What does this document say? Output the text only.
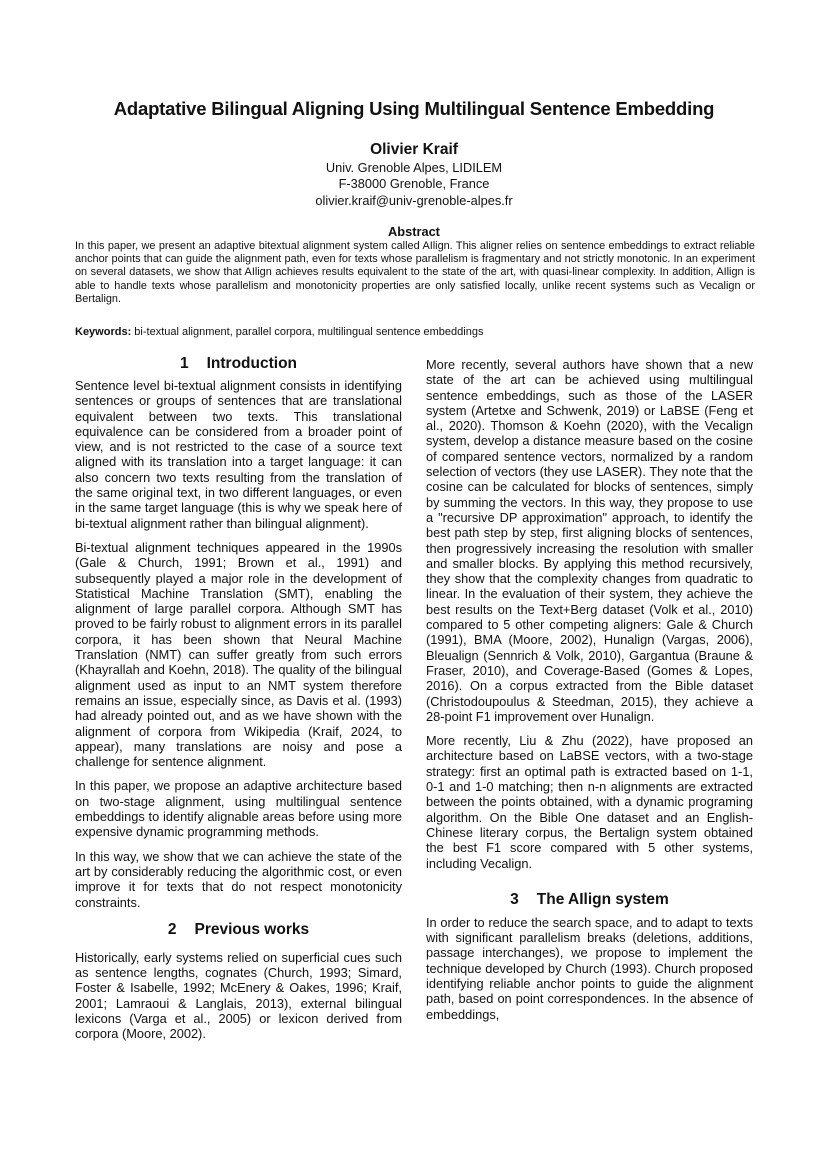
Adaptative Bilingual Aligning Using Multilingual Sentence Embedding
Olivier Kraif
Univ. Grenoble Alpes, LIDILEM
F-38000 Grenoble, France
olivier.kraif@univ-grenoble-alpes.fr
Abstract
In this paper, we present an adaptive bitextual alignment system called AIlign. This aligner relies on sentence embeddings to extract reliable anchor points that can guide the alignment path, even for texts whose parallelism is fragmentary and not strictly monotonic. In an experiment on several datasets, we show that AIlign achieves results equivalent to the state of the art, with quasi-linear complexity. In addition, AIlign is able to handle texts whose parallelism and monotonicity properties are only satisfied locally, unlike recent systems such as Vecalign or Bertalign.
Keywords: bi-textual alignment, parallel corpora, multilingual sentence embeddings
1 Introduction

Sentence level bi-textual alignment consists in identifying sentences or groups of sentences that are translational equivalent between two texts. This translational equivalence can be considered from a broader point of view, and is not restricted to the case of a source text aligned with its translation into a target language: it can also concern two texts resulting from the translation of the same original text, in two different languages, or even in the same target language (this is why we speak here of bi-textual alignment rather than bilingual alignment).

Bi-textual alignment techniques appeared in the 1990s (Gale & Church, 1991; Brown et al., 1991) and subsequently played a major role in the development of Statistical Machine Translation (SMT), enabling the alignment of large parallel corpora. Although SMT has proved to be fairly robust to alignment errors in its parallel corpora, it has been shown that Neural Machine Translation (NMT) can suffer greatly from such errors (Khayrallah and Koehn, 2018). The quality of the bilingual alignment used as input to an NMT system therefore remains an issue, especially since, as Davis et al. (1993) had already pointed out, and as we have shown with the alignment of corpora from Wikipedia (Kraif, 2024, to appear), many translations are noisy and pose a challenge for sentence alignment.

In this paper, we propose an adaptive architecture based on two-stage alignment, using multilingual sentence embeddings to identify alignable areas before using more expensive dynamic programming methods.

In this way, we show that we can achieve the state of the art by considerably reducing the algorithmic cost, or even improve it for texts that do not respect monotonicity constraints.

2 Previous works

Historically, early systems relied on superficial cues such as sentence lengths, cognates (Church, 1993; Simard, Foster & Isabelle, 1992; McEnery & Oakes, 1996; Kraif, 2001; Lamraoui & Langlais, 2013), external bilingual lexicons (Varga et al., 2005) or lexicon derived from corpora (Moore, 2002).

More recently, several authors have shown that a new state of the art can be achieved using multilingual sentence embeddings, such as those of the LASER system (Artetxe and Schwenk, 2019) or LaBSE (Feng et al., 2020). Thomson & Koehn (2020), with the Vecalign system, develop a distance measure based on the cosine of compared sentence vectors, normalized by a random selection of vectors (they use LASER). They note that the cosine can be calculated for blocks of sentences, simply by summing the vectors. In this way, they propose to use a "recursive DP approximation" approach, to identify the best path step by step, first aligning blocks of sentences, then progressively increasing the resolution with smaller and smaller blocks. By applying this method recursively, they show that the complexity changes from quadratic to linear. In the evaluation of their system, they achieve the best results on the Text+Berg dataset (Volk et al., 2010) compared to 5 other competing aligners: Gale & Church (1991), BMA (Moore, 2002), Hunalign (Vargas, 2006), Bleualign (Sennrich & Volk, 2010), Gargantua (Braune & Fraser, 2010), and Coverage-Based (Gomes & Lopes, 2016). On a corpus extracted from the Bible dataset (Christodoupoulus & Steedman, 2015), they achieve a 28-point F1 improvement over Hunalign.

More recently, Liu & Zhu (2022), have proposed an architecture based on LaBSE vectors, with a two-stage strategy: first an optimal path is extracted based on 1-1, 0-1 and 1-0 matching; then n-n alignments are extracted between the points obtained, with a dynamic programing algorithm. On the Bible One dataset and an English-Chinese literary corpus, the Bertalign system obtained the best F1 score compared with 5 other systems, including Vecalign.

3 The AIlign system

In order to reduce the search space, and to adapt to texts with significant parallelism breaks (deletions, additions, passage interchanges), we propose to implement the technique developed by Church (1993). Church proposed identifying reliable anchor points to guide the alignment path, based on point correspondences. In the absence of embeddings,
